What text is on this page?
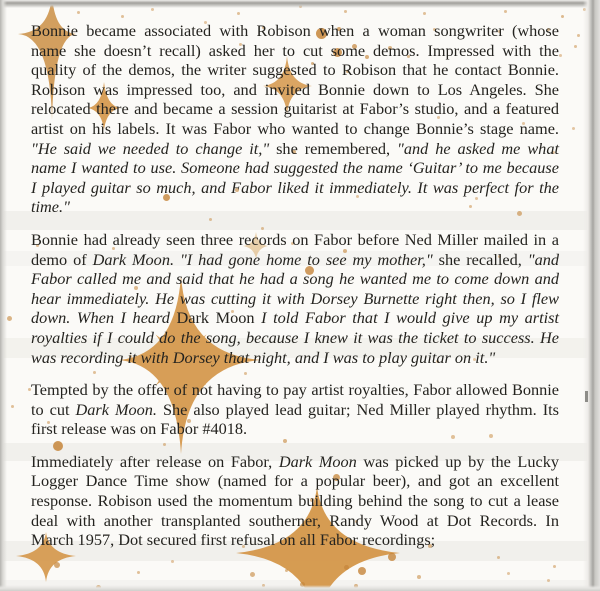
Bonnie became associated with Robison when a woman songwriter (whose name she doesn’t recall) asked her to cut some demos. Impressed with the quality of the demos, the writer suggested to Robison that he contact Bonnie. Robison was impressed too, and invited Bonnie down to Los Angeles. She relocated there and became a session guitarist at Fabor’s studio, and a featured artist on his labels. It was Fabor who wanted to change Bonnie’s stage name. "He said we needed to change it," she remembered, "and he asked me what name I wanted to use. Someone had suggested the name ‘Guitar’ to me because I played guitar so much, and Fabor liked it immediately. It was perfect for the time."

Bonnie had already seen three records on Fabor before Ned Miller mailed in a demo of Dark Moon. "I had gone home to see my mother," she recalled, "and Fabor called me and said that he had a song he wanted me to come down and hear immediately. He was cutting it with Dorsey Burnette right then, so I flew down. When I heard Dark Moon I told Fabor that I would give up my artist royalties if I could do the song, because I knew it was the ticket to success. He was recording it with Dorsey that night, and I was to play guitar on it."

Tempted by the offer of not having to pay artist royalties, Fabor allowed Bonnie to cut Dark Moon. She also played lead guitar; Ned Miller played rhythm. Its first release was on Fabor #4018.

Immediately after release on Fabor, Dark Moon was picked up by the Lucky Logger Dance Time show (named for a popular beer), and got an excellent response. Robison used the momentum building behind the song to cut a lease deal with another transplanted southerner, Randy Wood at Dot Records. In March 1957, Dot secured first refusal on all Fabor recordings;
